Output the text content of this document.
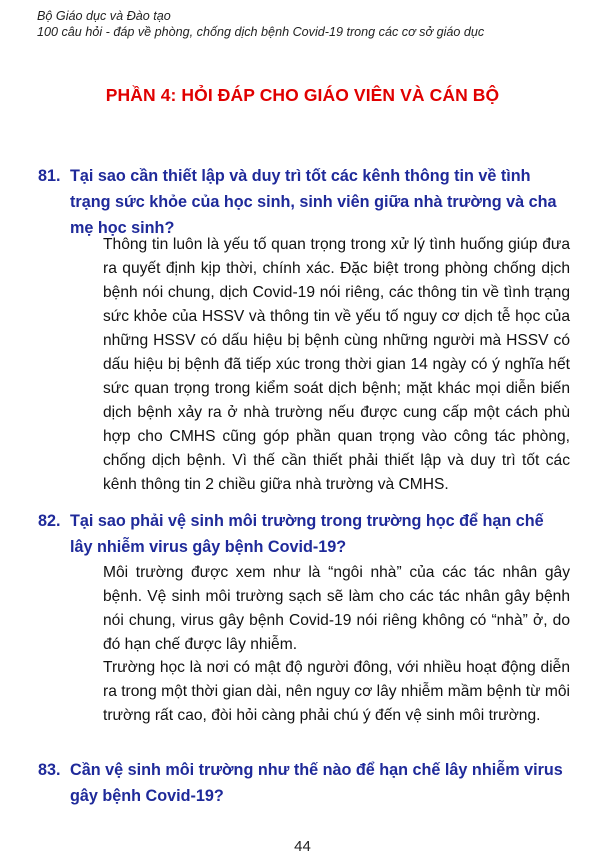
Bộ Giáo dục và Đào tạo
100 câu hỏi - đáp về phòng, chống dịch bệnh Covid-19 trong các cơ sở giáo dục
PHẦN 4: HỎI ĐÁP CHO GIÁO VIÊN VÀ CÁN BỘ
81. Tại sao cần thiết lập và duy trì tốt các kênh thông tin về tình trạng sức khỏe của học sinh, sinh viên giữa nhà trường và cha mẹ học sinh?
Thông tin luôn là yếu tố quan trọng trong xử lý tình huống giúp đưa ra quyết định kịp thời, chính xác. Đặc biệt trong phòng chống dịch bệnh nói chung, dịch Covid-19 nói riêng, các thông tin về tình trạng sức khỏe của HSSV và thông tin về yếu tố nguy cơ dịch tễ học của những HSSV có dấu hiệu bị bệnh cùng những người mà HSSV có dấu hiệu bị bệnh đã tiếp xúc trong thời gian 14 ngày có ý nghĩa hết sức quan trọng trong kiểm soát dịch bệnh; mặt khác mọi diễn biến dịch bệnh xảy ra ở nhà trường nếu được cung cấp một cách phù hợp cho CMHS cũng góp phần quan trọng vào công tác phòng, chống dịch bệnh. Vì thế cần thiết phải thiết lập và duy trì tốt các kênh thông tin 2 chiều giữa nhà trường và CMHS.
82. Tại sao phải vệ sinh môi trường trong trường học để hạn chế lây nhiễm virus gây bệnh Covid-19?
Môi trường được xem như là “ngôi nhà” của các tác nhân gây bệnh. Vệ sinh môi trường sạch sẽ làm cho các tác nhân gây bệnh nói chung, virus gây bệnh Covid-19 nói riêng không có “nhà” ở, do đó hạn chế được lây nhiễm.
Trường học là nơi có mật độ người đông, với nhiều hoạt động diễn ra trong một thời gian dài, nên nguy cơ lây nhiễm mầm bệnh từ môi trường rất cao, đòi hỏi càng phải chú ý đến vệ sinh môi trường.
83. Cần vệ sinh môi trường như thế nào để hạn chế lây nhiễm virus gây bệnh Covid-19?
44
